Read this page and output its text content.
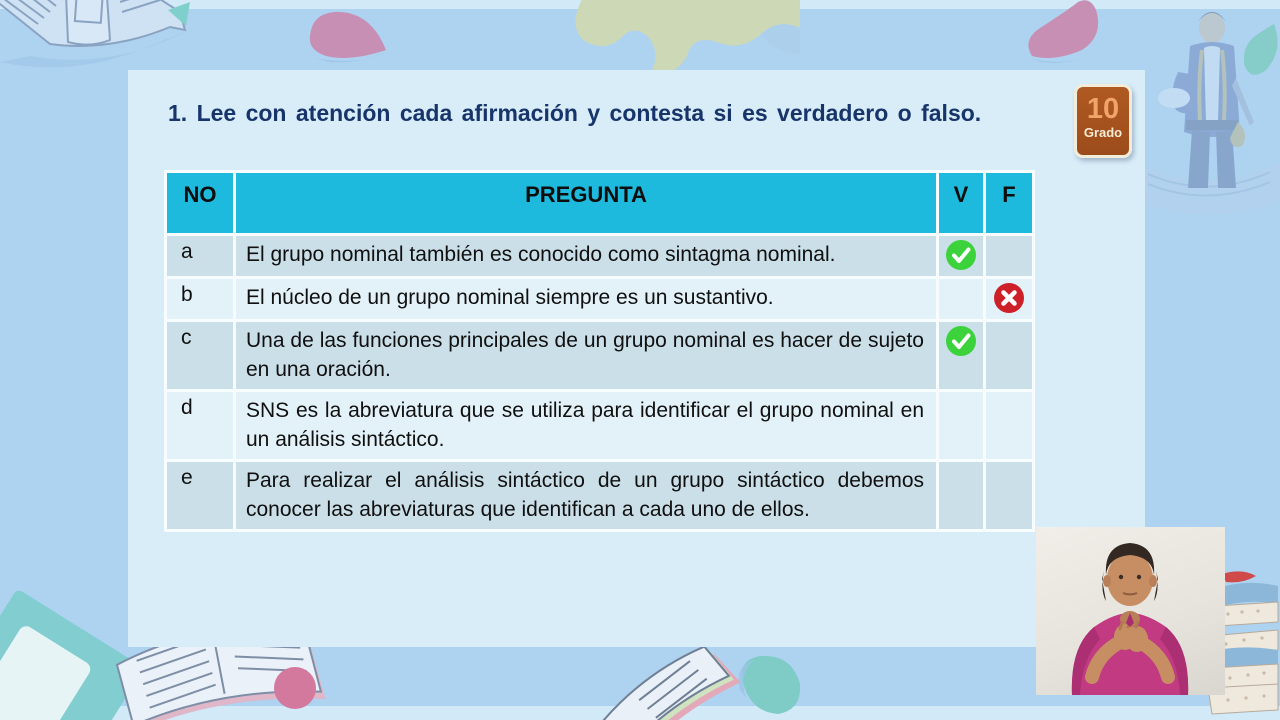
1. Lee con atención cada afirmación y contesta si es verdadero o falso.
NO	PREGUNTA	V	F
a	El grupo nominal también es conocido como sintagma nominal.		
b	El núcleo de un grupo nominal siempre es un sustantivo.		
c	Una de las funciones principales de un grupo nominal es hacer de sujeto en una oración.		
d	SNS es la abreviatura que se utiliza para identificar el grupo nominal en un análisis sintáctico.		
e	Para realizar el análisis sintáctico de un grupo sintáctico debemos conocer las abreviaturas que identifican a cada uno de ellos.		
10
Grado
